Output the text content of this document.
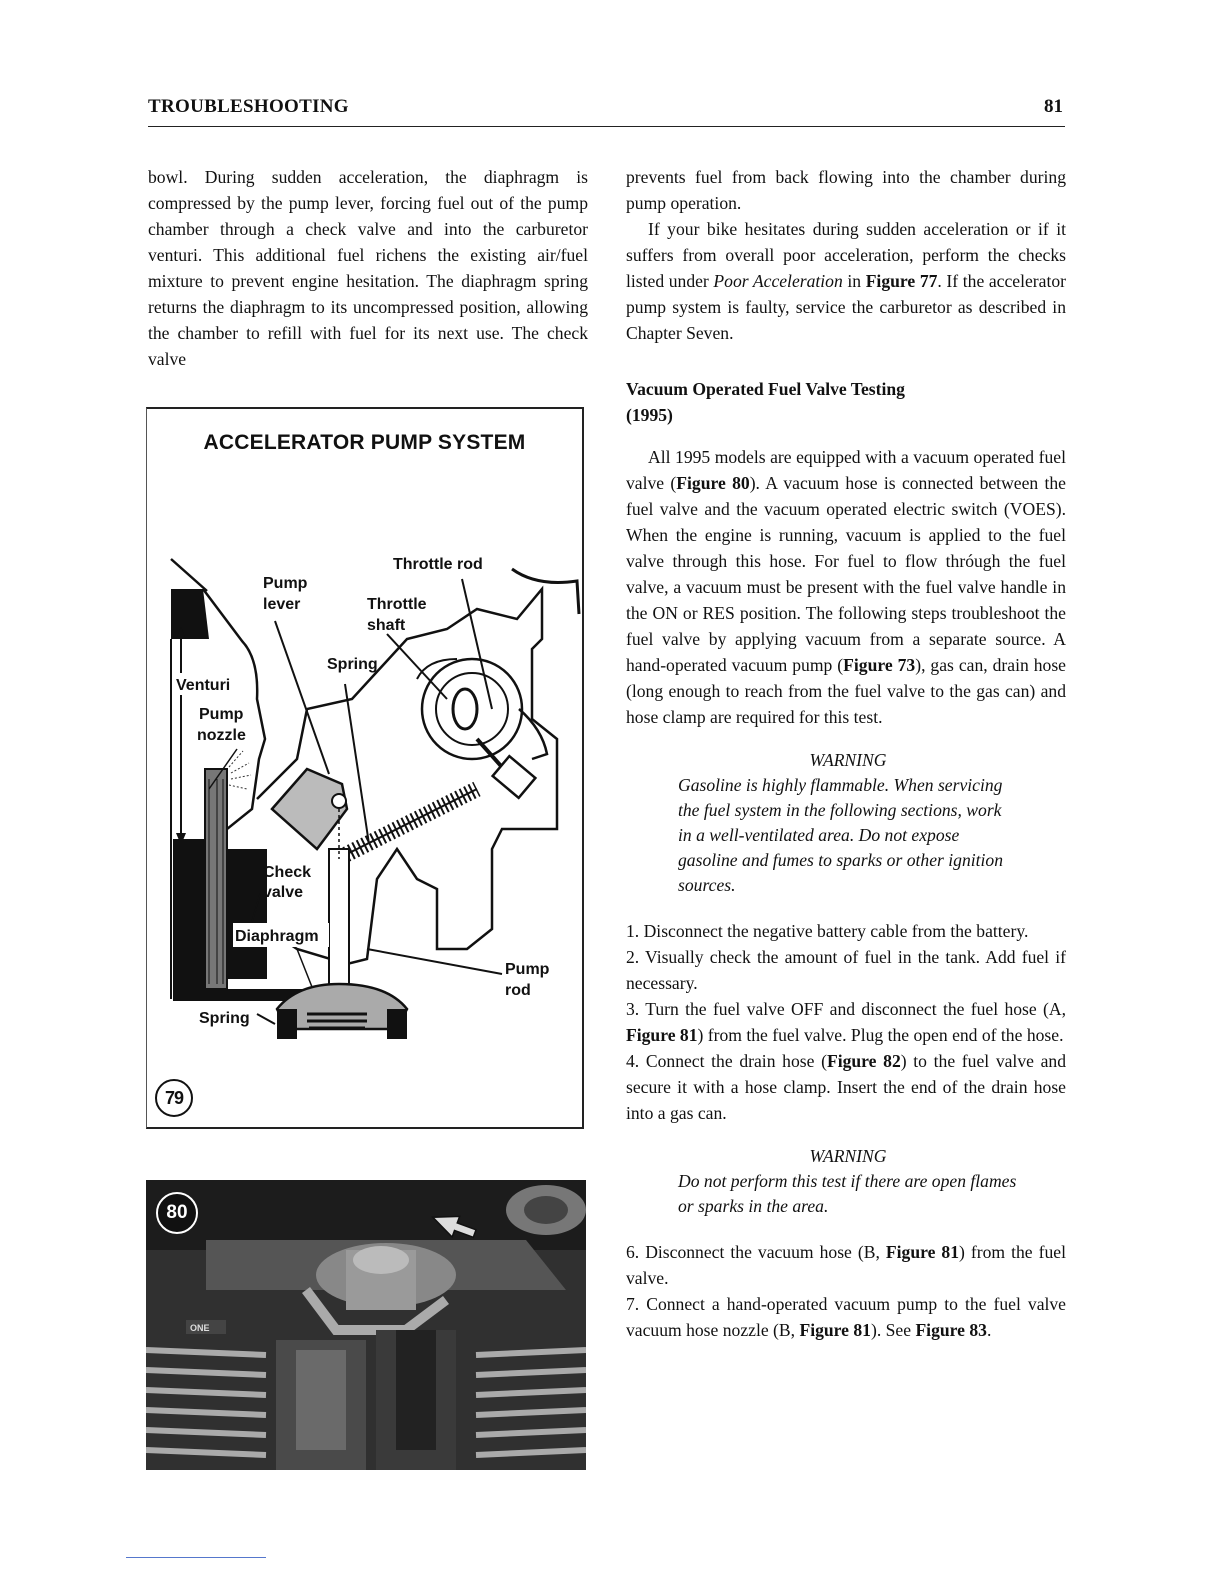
TROUBLESHOOTING	81

bowl. During sudden acceleration, the diaphragm is compressed by the pump lever, forcing fuel out of the pump chamber through a check valve and into the carburetor venturi. This additional fuel richens the existing air/fuel mixture to prevent engine hesitation. The diaphragm spring returns the diaphragm to its uncompressed position, allowing the chamber to refill with fuel for its next use. The check valve

ACCELERATOR PUMP SYSTEM
Throttle rod
Pump
lever	Throttle
shaft
Spring
Venturi
Pump
nozzle
Check
valve
Diaphragm
Pump
rod
Spring
79
ONE
80

prevents fuel from back flowing into the chamber during pump operation.

If your bike hesitates during sudden acceleration or if it suffers from overall poor acceleration, perform the checks listed under Poor Acceleration in Figure 77. If the accelerator pump system is faulty, service the carburetor as described in Chapter Seven.

Vacuum Operated Fuel Valve Testing
(1995)

All 1995 models are equipped with a vacuum operated fuel valve (Figure 80). A vacuum hose is connected between the fuel valve and the vacuum operated electric switch (VOES). When the engine is running, vacuum is applied to the fuel valve through this hose. For fuel to flow thróugh the fuel valve, a vacuum must be present with the fuel valve handle in the ON or RES position. The following steps troubleshoot the fuel valve by applying vacuum from a separate source. A hand-operated vacuum pump (Figure 73), gas can, drain hose (long enough to reach from the fuel valve to the gas can) and hose clamp are required for this test.

WARNING
Gasoline is highly flammable. When servicing the fuel system in the following sections, work in a well-ventilated area. Do not expose gasoline and fumes to sparks or other ignition sources.

1. Disconnect the negative battery cable from the battery.

2. Visually check the amount of fuel in the tank. Add fuel if necessary.

3. Turn the fuel valve OFF and disconnect the fuel hose (A, Figure 81) from the fuel valve. Plug the open end of the hose.

4. Connect the drain hose (Figure 82) to the fuel valve and secure it with a hose clamp. Insert the end of the drain hose into a gas can.

WARNING
Do not perform this test if there are open flames or sparks in the area.

6. Disconnect the vacuum hose (B, Figure 81) from the fuel valve.

7. Connect a hand-operated vacuum pump to the fuel valve vacuum hose nozzle (B, Figure 81). See Figure 83.
